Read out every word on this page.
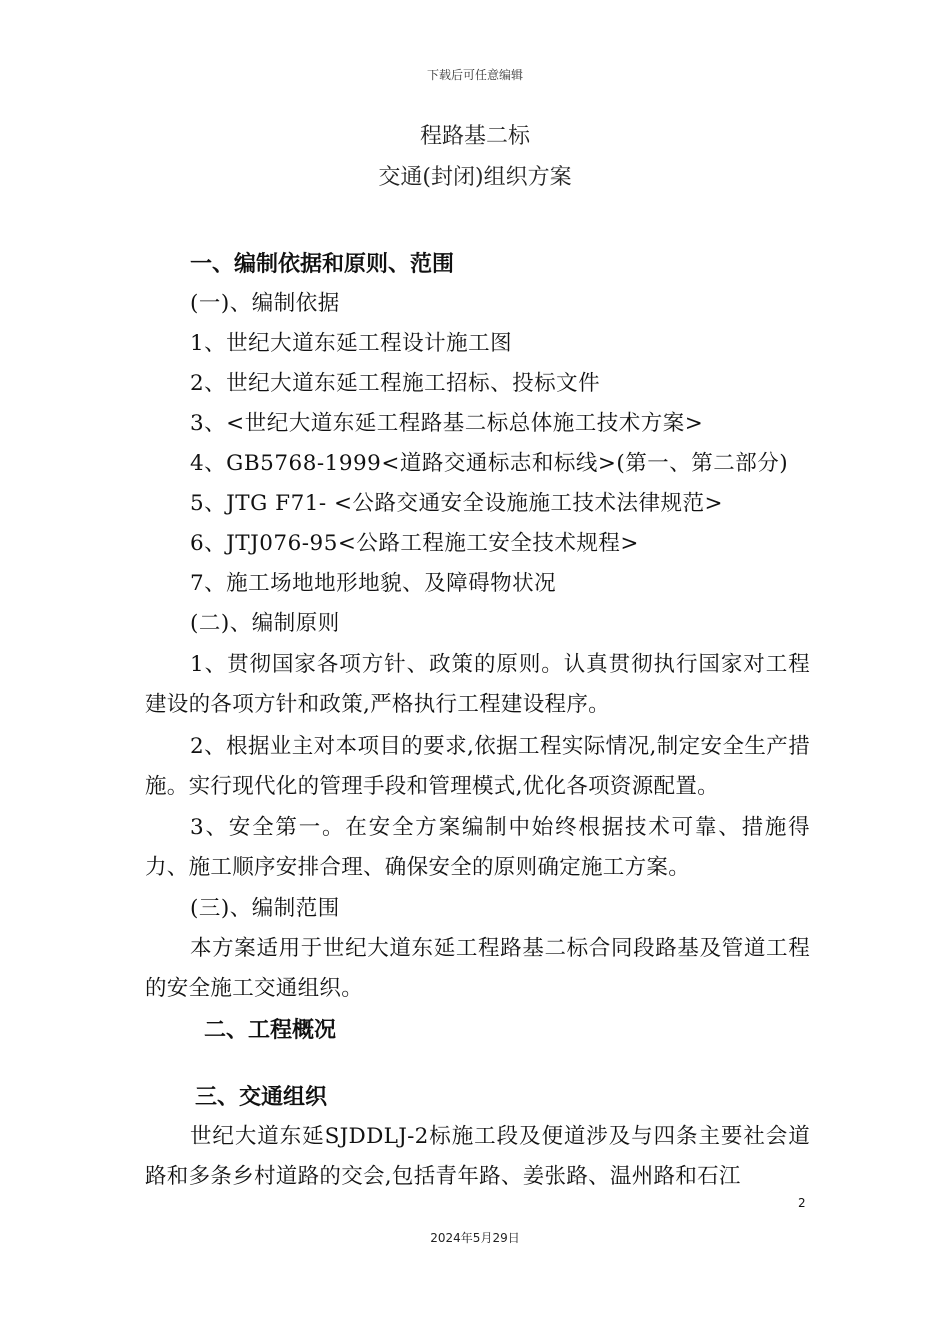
下载后可任意编辑
程路基二标
交通(封闭)组织方案
一、编制依据和原则、范围
(一)、编制依据
1、世纪大道东延工程设计施工图
2、世纪大道东延工程施工招标、投标文件
3、<世纪大道东延工程路基二标总体施工技术方案>
4、GB5768-1999<道路交通标志和标线>(第一、第二部分)
5、JTG F71- <公路交通安全设施施工技术法律规范>
6、JTJ076-95<公路工程施工安全技术规程>
7、施工场地地形地貌、及障碍物状况
(二)、编制原则
1、贯彻国家各项方针、政策的原则。认真贯彻执行国家对工程建设的各项方针和政策,严格执行工程建设程序。
2、根据业主对本项目的要求,依据工程实际情况,制定安全生产措施。实行现代化的管理手段和管理模式,优化各项资源配置。
3、安全第一。在安全方案编制中始终根据技术可靠、措施得力、施工顺序安排合理、确保安全的原则确定施工方案。
(三)、编制范围
本方案适用于世纪大道东延工程路基二标合同段路基及管道工程的安全施工交通组织。
二、工程概况
三、交通组织
世纪大道东延SJDDLJ-2标施工段及便道涉及与四条主要社会道路和多条乡村道路的交会,包括青年路、姜张路、温州路和石江
2
2024年5月29日
